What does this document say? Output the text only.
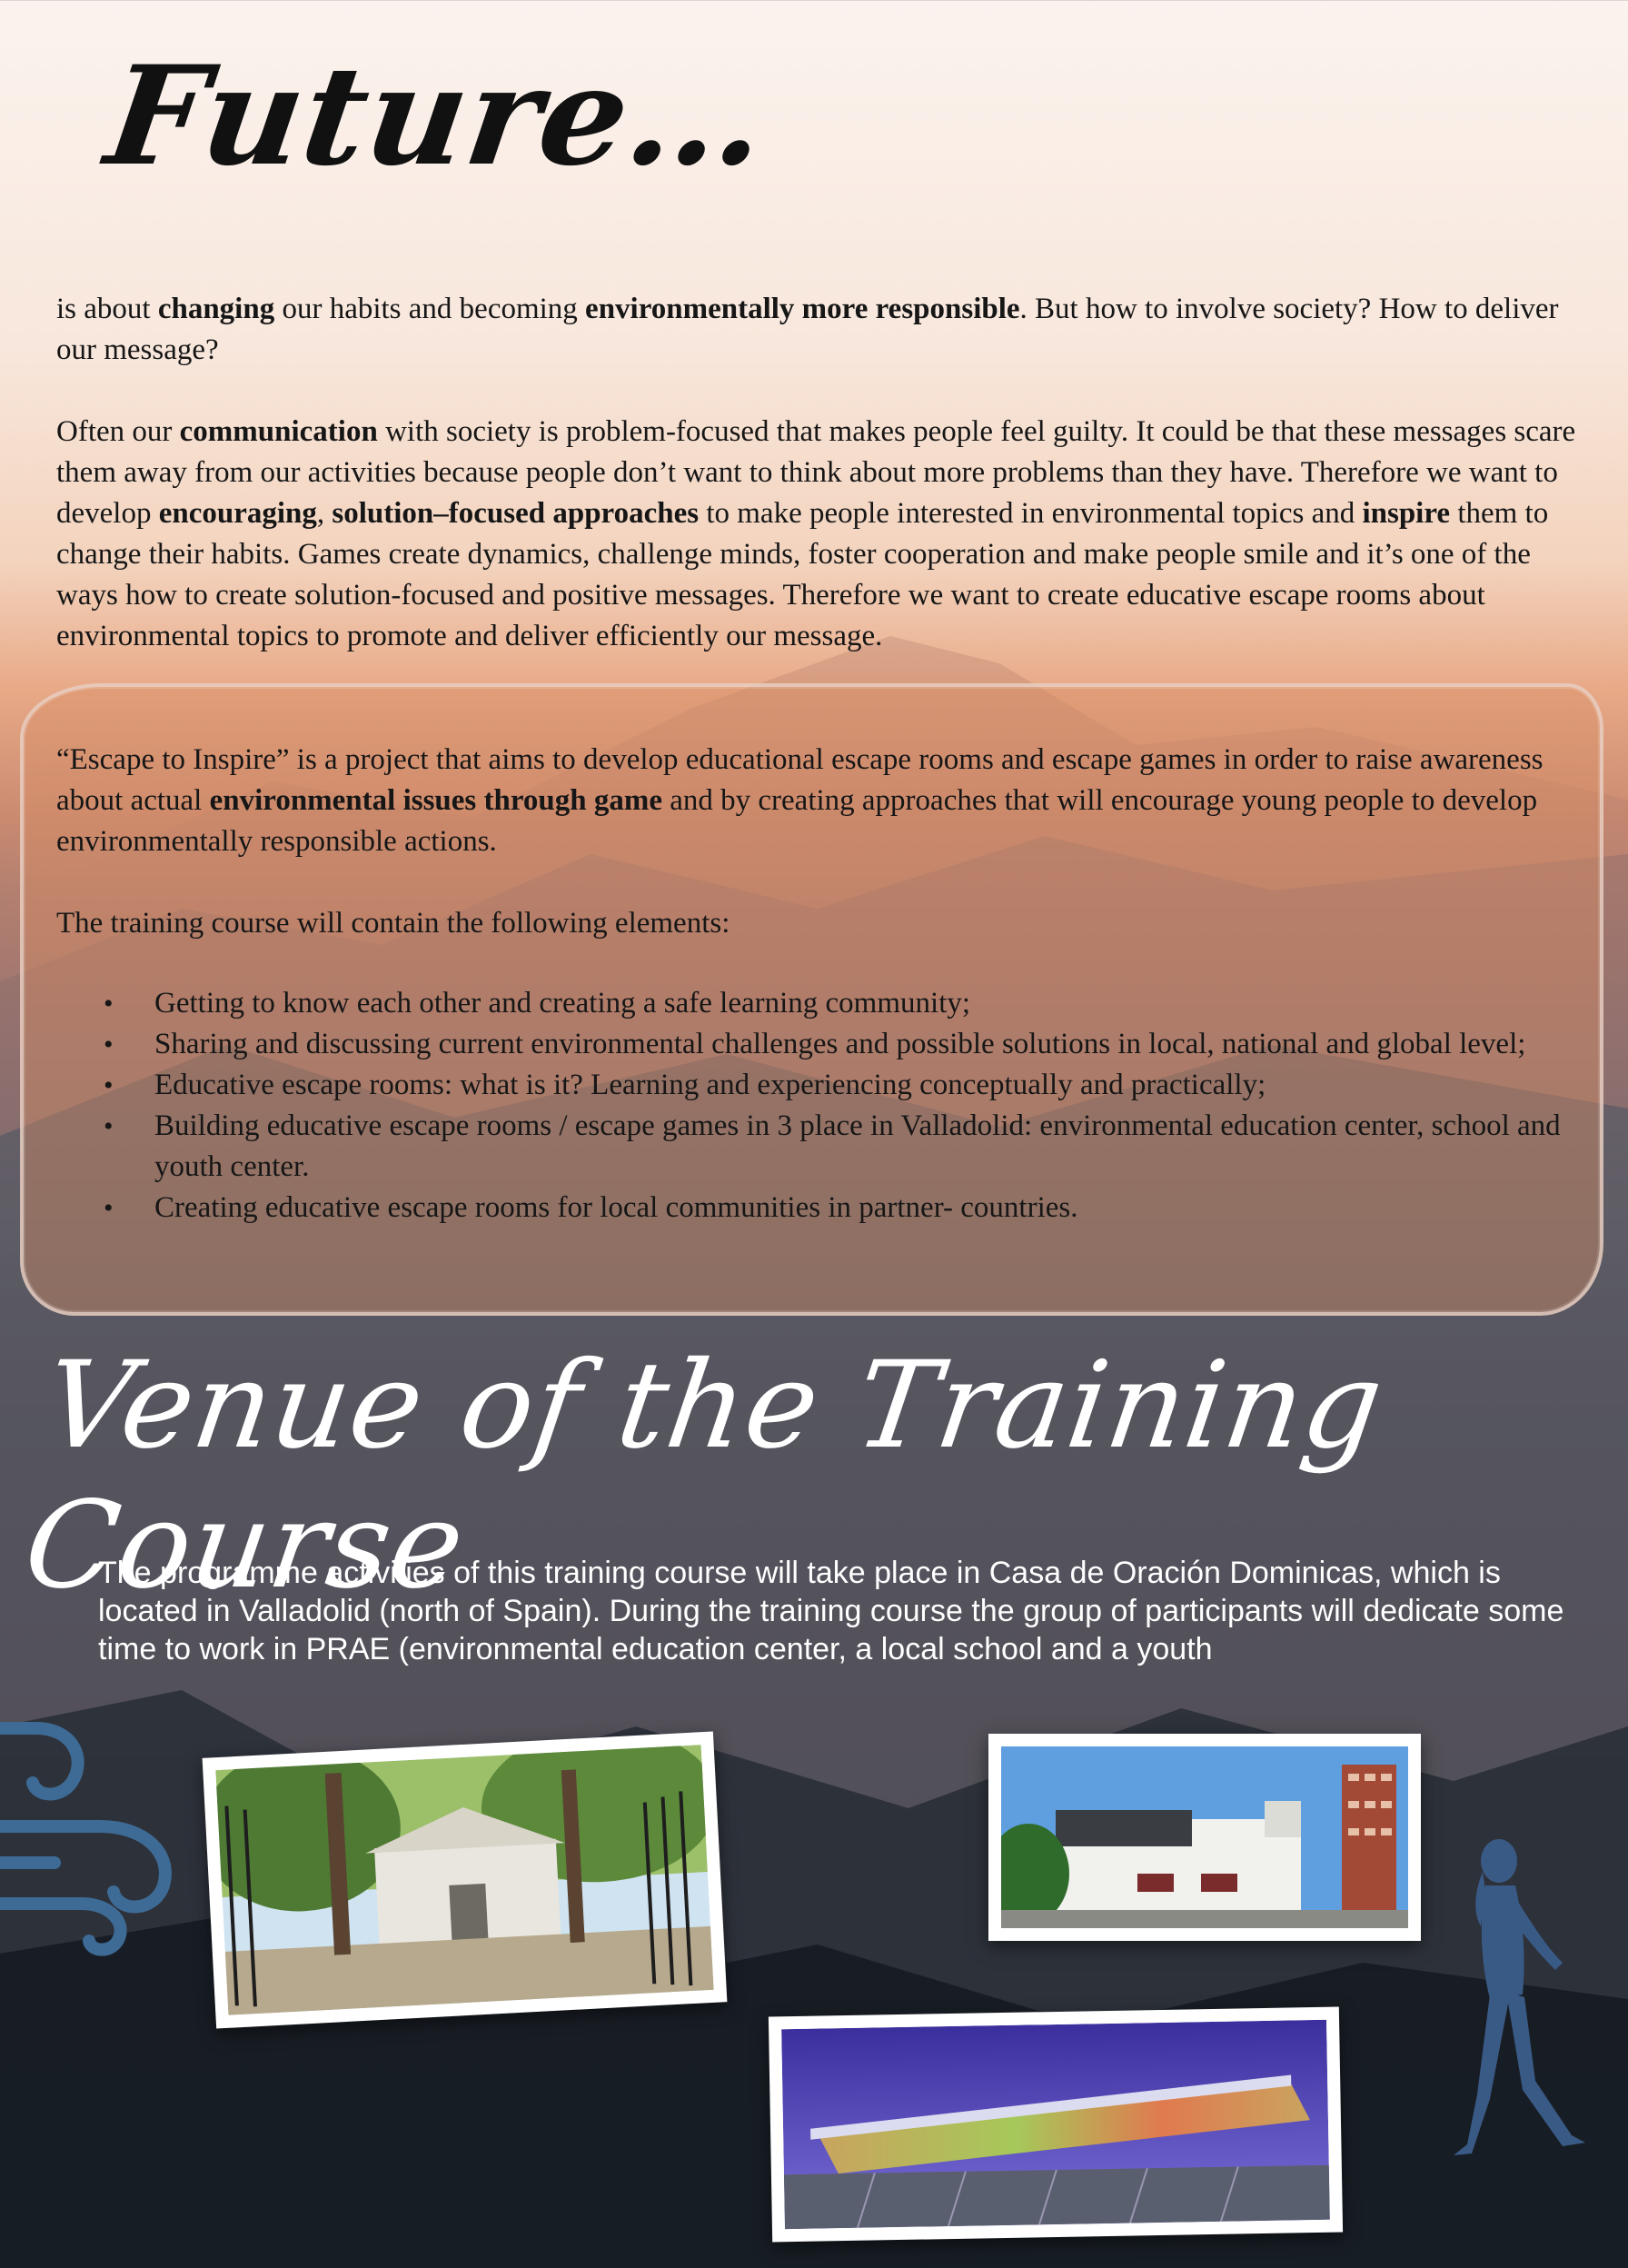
Future…

is about changing our habits and becoming environmentally more responsible. But how to involve society? How to deliver our message?

Often our communication with society is problem-focused that makes people feel guilty. It could be that these messages scare them away from our activities because people don’t want to think about more problems than they have. Therefore we want to develop encouraging, solution–focused approaches to make people interested in environmental topics and inspire them to change their habits. Games create dynamics, challenge minds, foster cooperation and make people smile and it’s one of the ways how to create solution-focused and positive messages. Therefore we want to create educative escape rooms about environmental topics to promote and deliver efficiently our message.

“Escape to Inspire” is a project that aims to develop educational escape rooms and escape games in order to raise awareness about actual environmental issues through game and by creating approaches that will encourage young people to develop environmentally responsible actions.

The training course will contain the following elements:

• Getting to know each other and creating a safe learning community;
• Sharing and discussing current environmental challenges and possible solutions in local, national and global level;
• Educative escape rooms: what is it? Learning and experiencing conceptually and practically;
• Building educative escape rooms / escape games in 3 place in Valladolid: environmental education center, school and youth center.
• Creating educative escape rooms for local communities in partner- countries.
Venue of the Training Course

The programme activities of this training course will take place in Casa de Oración Dominicas, which is located in Valladolid (north of Spain). During the training course the group of participants will dedicate some time to work in PRAE (environmental education center, a local school and a youth
